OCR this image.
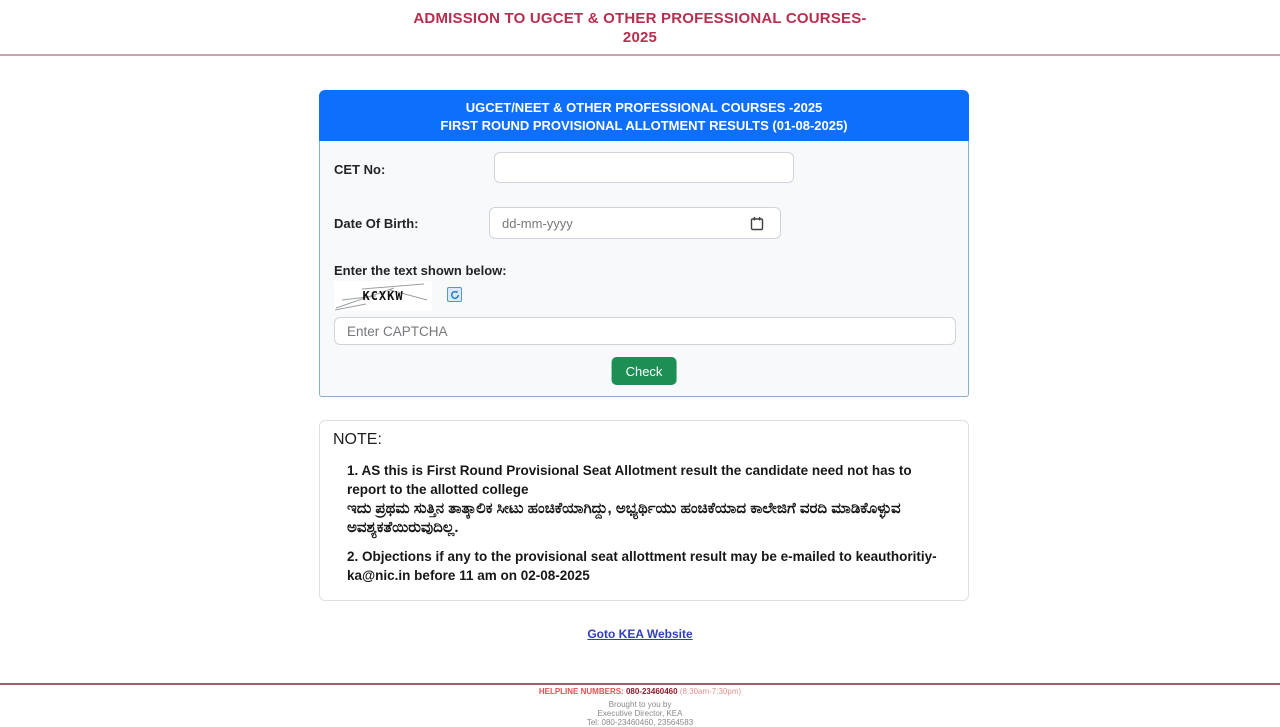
ADMISSION TO UGCET & OTHER PROFESSIONAL COURSES-
2025
UGCET/NEET & OTHER PROFESSIONAL COURSES -2025
FIRST ROUND PROVISIONAL ALLOTMENT RESULTS (01-08-2025)
CET No:
Date Of Birth:
dd-mm-yyyy
Enter the text shown below:
KCXKW
Enter CAPTCHA
Check
NOTE:
1. AS this is First Round Provisional Seat Allotment result the candidate need not has to report to the allotted college
ಇದು ಪ್ರಥಮ ಸುತ್ತಿನ ತಾತ್ಕಾಲಿಕ ಸೀಟು ಹಂಚಿಕೆಯಾಗಿದ್ದು, ಅಭ್ಯರ್ಥಿಯು ಹಂಚಿಕೆಯಾದ ಕಾಲೇಜಿಗೆ ವರದಿ ಮಾಡಿಕೊಳ್ಳುವ ಅವಶ್ಯಕತೆಯಿರುವುದಿಲ್ಲ.
2. Objections if any to the provisional seat allottment result may be e-mailed to keauthoritiy-ka@nic.in before 11 am on 02-08-2025
Goto KEA Website
HELPLINE NUMBERS: 080-23460460 (8:30am-7:30pm)
Brought to you by
Executive Director, KEA
Tel: 080-23460460, 23564583
